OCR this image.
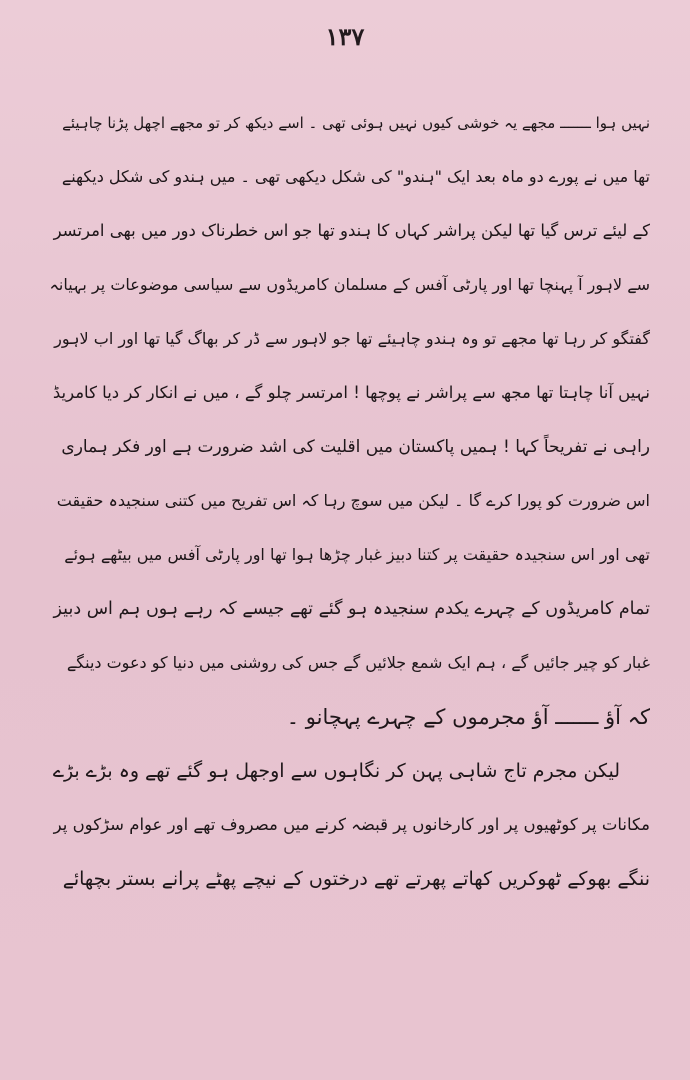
۱۳۷
نہیں ہوا ـــــــ مجھے یہ خوشی کیوں نہیں ہوئی تھی ۔ اسے دیکھ کر تو مجھے اچھل پڑنا چاہیئے
تھا میں نے پورے دو ماہ بعد ایک "ہندو" کی شکل دیکھی تھی ۔ میں ہندو کی شکل دیکھنے
کے لیئے ترس گیا تھا لیکن پراشر کہاں کا ہندو تھا جو اس خطرناک دور میں بھی امرتسر
سے لاہور آ پہنچا تھا اور پارٹی آفس کے مسلمان کامریڈوں سے سیاسی موضوعات پر بہیانہ
گفتگو کر رہا تھا مجھے تو وہ ہندو چاہیئے تھا جو لاہور سے ڈر کر بھاگ گیا تھا اور اب لاہور
نہیں آنا چاہتا تھا مجھ سے پراشر نے پوچھا ! امرتسر چلو گے ، میں نے انکار کر دیا کامریڈ
راہی نے تفریحاً کہا ! ہمیں پاکستان میں اقلیت کی اشد ضرورت ہے اور فکر ہماری
اس ضرورت کو پورا کرے گا ۔ لیکن میں سوچ رہا کہ اس تفریح میں کتنی سنجیدہ حقیقت
تھی اور اس سنجیدہ حقیقت پر کتنا دبیز غبار چڑھا ہوا تھا اور پارٹی آفس میں بیٹھے ہوئے
تمام کامریڈوں کے چہرے یکدم سنجیدہ ہو گئے تھے جیسے کہ رہے ہوں ہم اس دبیز
غبار کو چیر جائیں گے ، ہم ایک شمع جلائیں گے جس کی روشنی میں دنیا کو دعوت دینگے
کہ آؤ ـــــــ آؤ مجرموں کے چہرے پہچانو ۔
لیکن مجرم تاج شاہی پہن کر نگاہوں سے اوجھل ہو گئے تھے وہ بڑے بڑے
مکانات پر کوٹھیوں پر اور کارخانوں پر قبضہ کرنے میں مصروف تھے اور عوام سڑکوں پر
ننگے بھوکے ٹھوکریں کھاتے پھرتے تھے درختوں کے نیچے پھٹے پرانے بستر بچھائے
